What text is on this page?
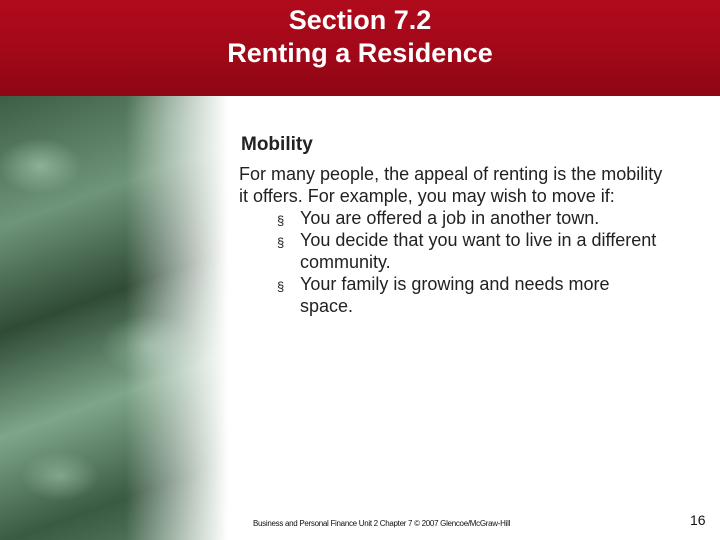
Section 7.2
Renting a Residence
Mobility
For many people, the appeal of renting is the mobility it offers. For example, you may wish to move if:
§ You are offered a job in another town.
§ You decide that you want to live in a different community.
§ Your family is growing and needs more space.
Business and Personal Finance Unit 2 Chapter 7 © 2007 Glencoe/McGraw-Hill	16
